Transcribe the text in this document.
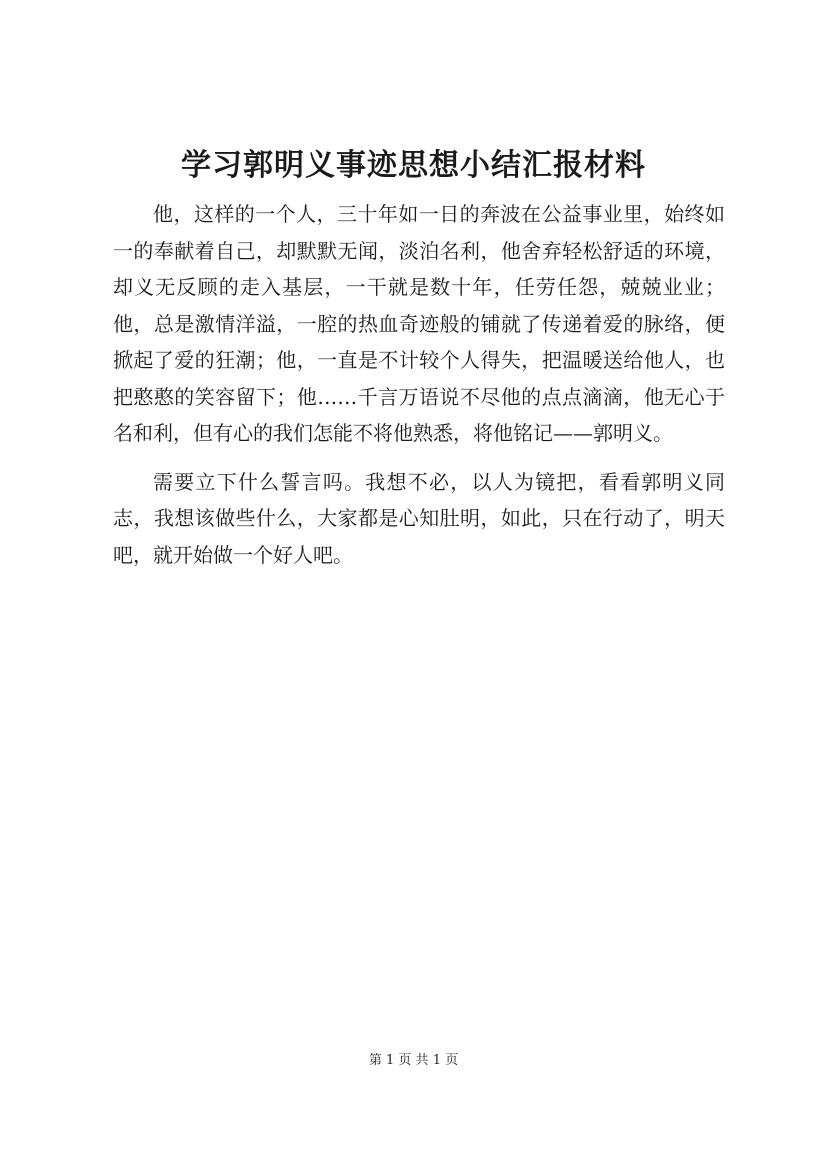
学习郭明义事迹思想小结汇报材料

他，这样的一个人，三十年如一日的奔波在公益事业里，始终如一的奉献着自己，却默默无闻，淡泊名利，他舍弃轻松舒适的环境，却义无反顾的走入基层，一干就是数十年，任劳任怨，兢兢业业；他，总是激情洋溢，一腔的热血奇迹般的铺就了传递着爱的脉络，便掀起了爱的狂潮；他，一直是不计较个人得失，把温暖送给他人，也把憨憨的笑容留下；他……千言万语说不尽他的点点滴滴，他无心于名和利，但有心的我们怎能不将他熟悉，将他铭记——郭明义。

需要立下什么誓言吗。我想不必，以人为镜把，看看郭明义同志，我想该做些什么，大家都是心知肚明，如此，只在行动了，明天吧，就开始做一个好人吧。

第 1 页 共 1 页
